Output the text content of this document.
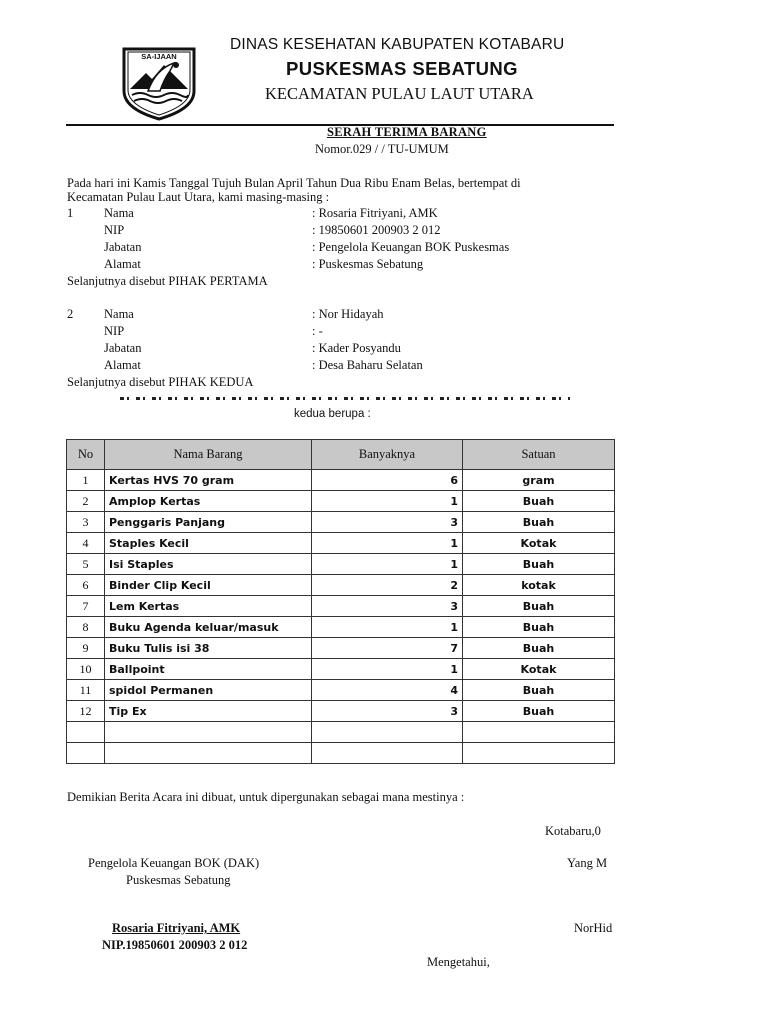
SA-IJAAN
DINAS KESEHATAN KABUPATEN KOTABARU
PUSKESMAS SEBATUNG
KECAMATAN PULAU LAUT UTARA
SERAH TERIMA BARANG
Nomor.029 / / TU-UMUM
Pada hari ini Kamis Tanggal Tujuh Bulan April Tahun Dua Ribu Enam Belas, bertempat di
Kecamatan Pulau Laut Utara, kami masing-masing :
1 Nama	: Rosaria Fitriyani, AMK
NIP	: 19850601 200903 2 012
Jabatan	: Pengelola Keuangan BOK Puskesmas
Alamat	: Puskesmas Sebatung
Selanjutnya disebut PIHAK PERTAMA
2 Nama	: Nor Hidayah
NIP	: -
Jabatan	: Kader Posyandu
Alamat	: Desa Baharu Selatan
Selanjutnya disebut PIHAK KEDUA
kedua berupa :
No	Nama Barang	Banyaknya	Satuan
1	Kertas HVS 70 gram	6	gram
2	Amplop Kertas	1	Buah
3	Penggaris Panjang	3	Buah
4	Staples Kecil	1	Kotak
5	Isi Staples	1	Buah
6	Binder Clip Kecil	2	kotak
7	Lem Kertas	3	Buah
8	Buku Agenda keluar/masuk	1	Buah
9	Buku Tulis isi 38	7	Buah
10	Ballpoint	1	Kotak
11	spidol Permanen	4	Buah
12	Tip Ex	3	Buah

Demikian Berita Acara ini dibuat, untuk dipergunakan sebagai mana mestinya :
Kotabaru,0
Pengelola Keuangan BOK (DAK)
Puskesmas Sebatung
Yang M
Rosaria Fitriyani, AMK
NIP.19850601 200903 2 012
NorHid
Mengetahui,
